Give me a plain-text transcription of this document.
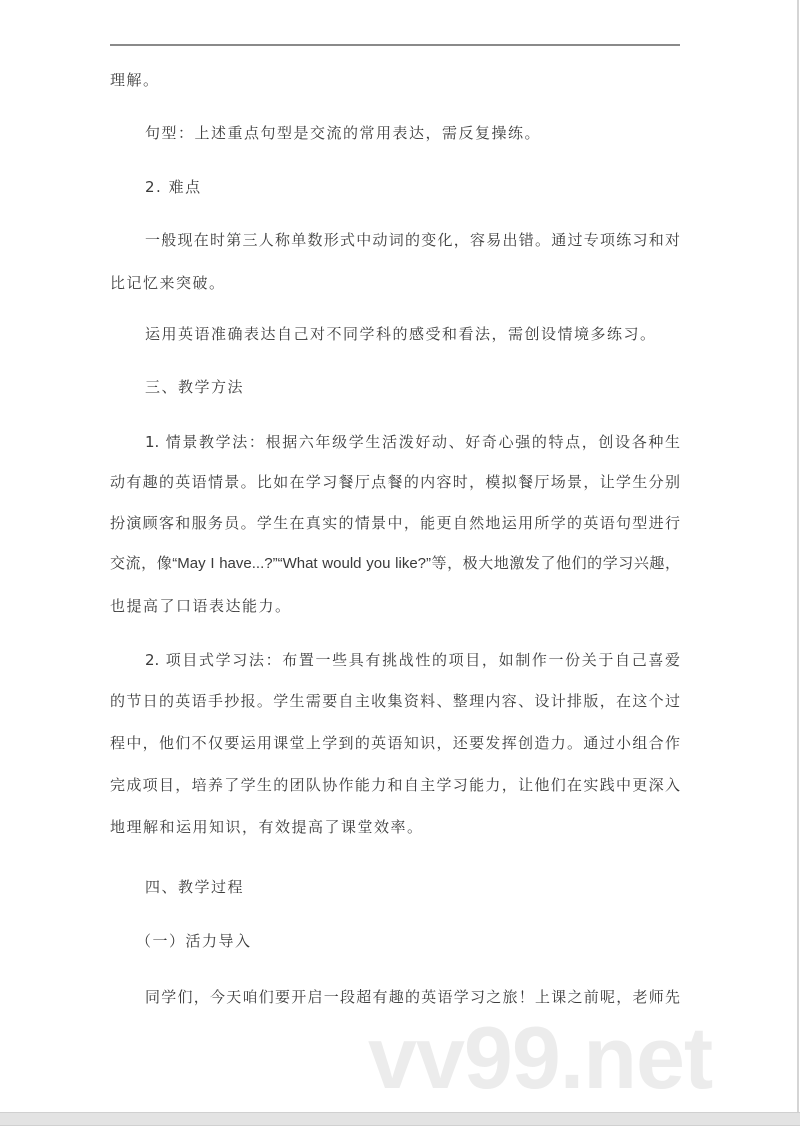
理解。
句型：上述重点句型是交流的常用表达，需反复操练。
2. 难点
一般现在时第三人称单数形式中动词的变化，容易出错。通过专项练习和对
比记忆来突破。
运用英语准确表达自己对不同学科的感受和看法，需创设情境多练习。
三、教学方法
1. 情景教学法：根据六年级学生活泼好动、好奇心强的特点，创设各种生
动有趣的英语情景。比如在学习餐厅点餐的内容时，模拟餐厅场景，让学生分别
扮演顾客和服务员。学生在真实的情景中，能更自然地运用所学的英语句型进行
交流，像“May I have...?”“What would you like?”等，极大地激发了他们的学习兴趣，
也提高了口语表达能力。
2. 项目式学习法：布置一些具有挑战性的项目，如制作一份关于自己喜爱
的节日的英语手抄报。学生需要自主收集资料、整理内容、设计排版，在这个过
程中，他们不仅要运用课堂上学到的英语知识，还要发挥创造力。通过小组合作
完成项目，培养了学生的团队协作能力和自主学习能力，让他们在实践中更深入
地理解和运用知识，有效提高了课堂效率。
四、教学过程
（一）活力导入
同学们，今天咱们要开启一段超有趣的英语学习之旅！上课之前呢，老师先
vv99.net
